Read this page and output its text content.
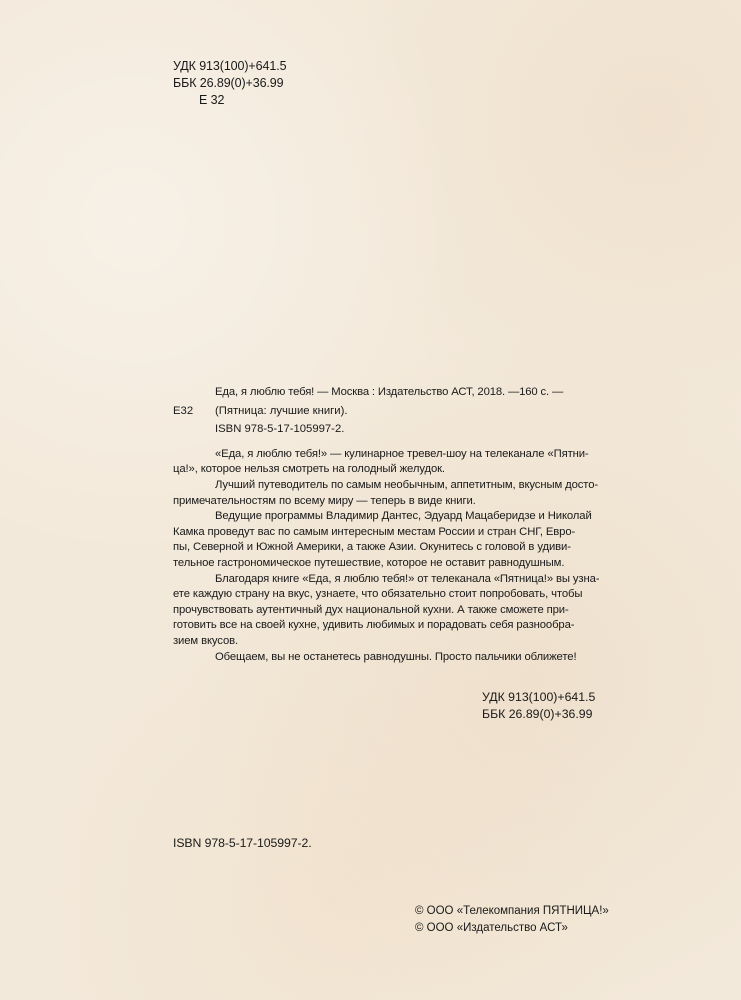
УДК 913(100)+641.5
ББК 26.89(0)+36.99
Е 32
Еда, я люблю тебя! — Москва : Издательство АСТ, 2018. —160 с. —
Е32 (Пятница: лучшие книги).
ISBN 978-5-17-105997-2.
«Еда, я люблю тебя!» — кулинарное тревел-шоу на телеканале «Пятни-
ца!», которое нельзя смотреть на голодный желудок.
Лучший путеводитель по самым необычным, аппетитным, вкусным досто-
примечательностям по всему миру — теперь в виде книги.
Ведущие программы Владимир Дантес, Эдуард Мацаберидзе и Николай
Камка проведут вас по самым интересным местам России и стран СНГ, Евро-
пы, Северной и Южной Америки, а также Азии. Окунитесь с головой в удиви-
тельное гастрономическое путешествие, которое не оставит равнодушным.
Благодаря книге «Еда, я люблю тебя!» от телеканала «Пятница!» вы узна-
ете каждую страну на вкус, узнаете, что обязательно стоит попробовать, чтобы
прочувствовать аутентичный дух национальной кухни. А также сможете при-
готовить все на своей кухне, удивить любимых и порадовать себя разнообра-
зием вкусов.
Обещаем, вы не останетесь равнодушны. Просто пальчики оближете!
УДК 913(100)+641.5
ББК 26.89(0)+36.99
ISBN 978-5-17-105997-2.
© ООО «Телекомпания ПЯТНИЦА!»
© ООО «Издательство АСТ»
